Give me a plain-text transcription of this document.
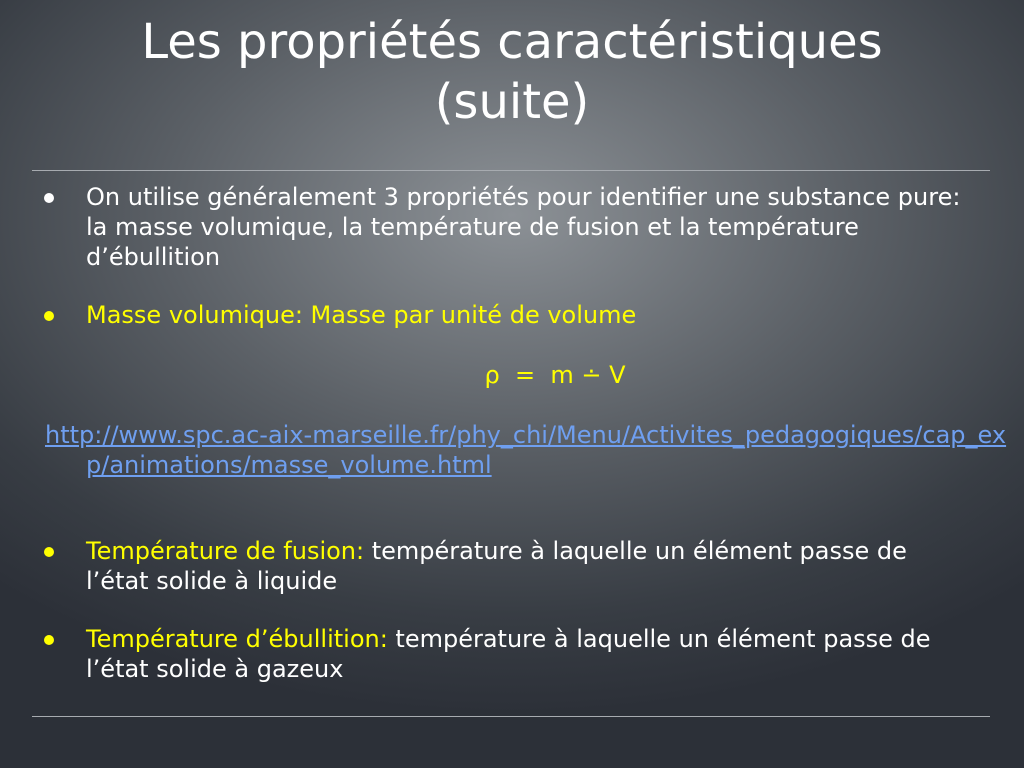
Les propriétés caractéristiques
(suite)
On utilise généralement 3 propriétés pour identifier une substance pure: la masse volumique, la température de fusion et la température d’ébullition
Masse volumique: Masse par unité de volume
ρ  =  m ∸ V
http://www.spc.ac-aix-marseille.fr/phy_chi/Menu/Activites_pedagogiques/cap_exp/animations/masse_volume.html
Température de fusion: température à laquelle un élément passe de l’état solide à liquide
Température d’ébullition: température à laquelle un élément passe de l’état solide à gazeux
